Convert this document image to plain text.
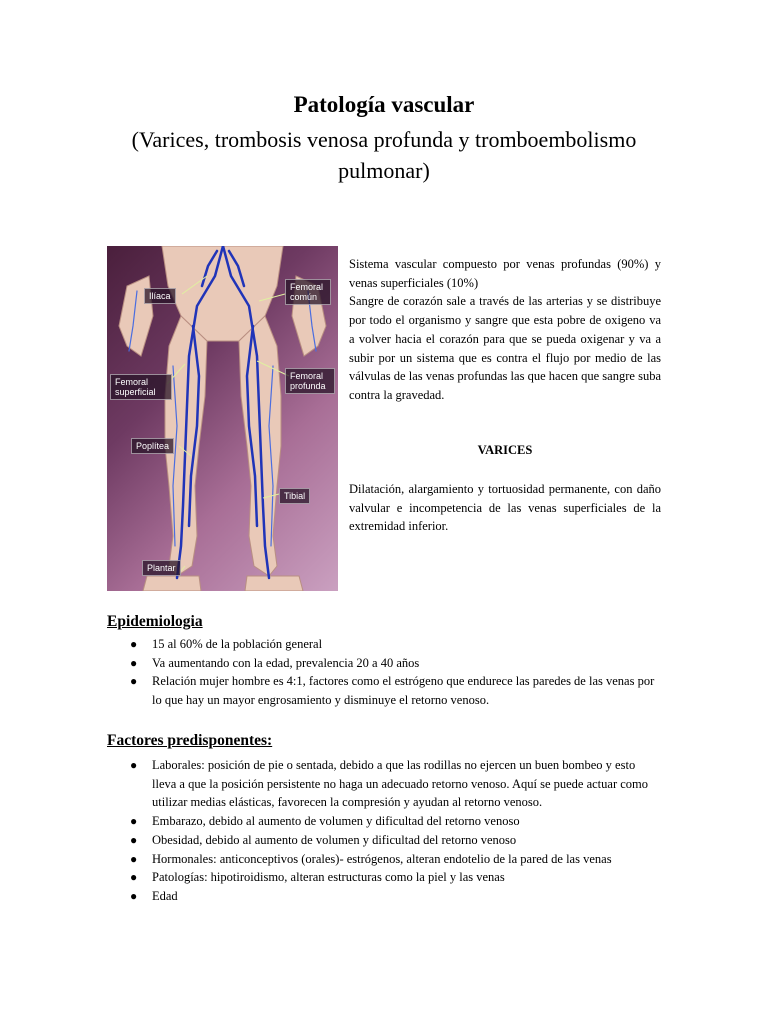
Patología vascular

(Varices, trombosis venosa profunda y tromboembolismo pulmonar)

Ilíaca
Femoral común
Femoral superficial
Femoral profunda
Poplítea
Tibial
Plantar

Sistema vascular compuesto por venas profundas (90%) y venas superficiales (10%)
Sangre de corazón sale a través de las arterias y se distribuye por todo el organismo y sangre que esta pobre de oxigeno va a volver hacia el corazón para que se pueda oxigenar y va a subir por un sistema que es contra el flujo por medio de las válvulas de las venas profundas las que hacen que sangre suba contra la gravedad.

VARICES

Dilatación, alargamiento y tortuosidad permanente, con daño valvular e incompetencia de las venas superficiales de la extremidad inferior.

Epidemiologia
● 15 al 60% de la población general
● Va aumentando con la edad, prevalencia 20 a 40 años
● Relación mujer hombre es 4:1, factores como el estrógeno que endurece las paredes de las venas por lo que hay un mayor engrosamiento y disminuye el retorno venoso.
Factores predisponentes:
● Laborales: posición de pie o sentada, debido a que las rodillas no ejercen un buen bombeo y esto lleva a que la posición persistente no haga un adecuado retorno venoso. Aquí se puede actuar como utilizar medias elásticas, favorecen la compresión y ayudan al retorno venoso.
● Embarazo, debido al aumento de volumen y dificultad del retorno venoso
● Obesidad, debido al aumento de volumen y dificultad del retorno venoso
● Hormonales: anticonceptivos (orales)- estrógenos, alteran endotelio de la pared de las venas
● Patologías: hipotiroidismo, alteran estructuras como la piel y las venas
● Edad
